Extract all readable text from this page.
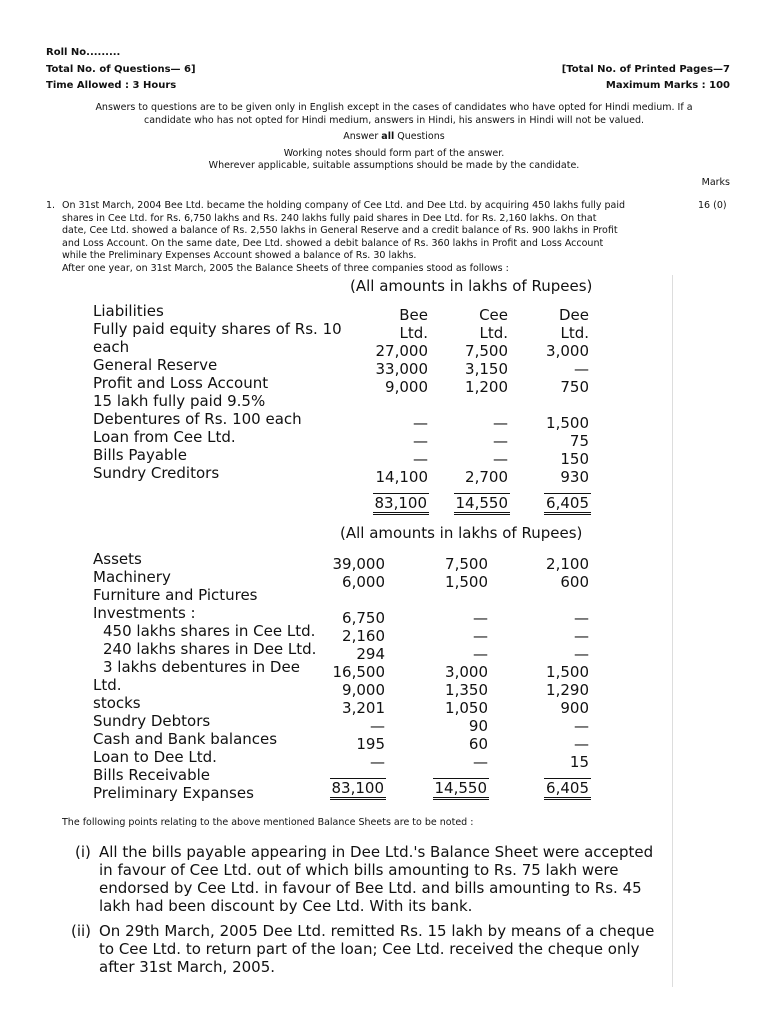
Roll No.........
Total No. of Questions— 6]
Time Allowed : 3 Hours
[Total No. of Printed Pages—7
Maximum Marks : 100
Answers to questions are to be given only in English except in the cases of candidates who have opted for Hindi medium. If a
candidate who has not opted for Hindi medium, answers in Hindi, his answers in Hindi will not be valued.
Answer all Questions
Working notes should form part of the answer.
Wherever applicable, suitable assumptions should be made by the candidate.
Marks
1.	16 (0)
On 31st March, 2004 Bee Ltd. became the holding company of Cee Ltd. and Dee Ltd. by acquiring 450 lakhs fully paid
shares in Cee Ltd. for Rs. 6,750 lakhs and Rs. 240 lakhs fully paid shares in Dee Ltd. for Rs. 2,160 lakhs. On that
date, Cee Ltd. showed a balance of Rs. 2,550 lakhs in General Reserve and a credit balance of Rs. 900 lakhs in Profit
and Loss Account. On the same date, Dee Ltd. showed a debit balance of Rs. 360 lakhs in Profit and Loss Account
while the Preliminary Expenses Account showed a balance of Rs. 30 lakhs.
After one year, on 31st March, 2005 the Balance Sheets of three companies stood as follows :
(All amounts in lakhs of Rupees)
Liabilities
Fully paid equity shares of Rs. 10
each
General Reserve
Profit and Loss Account
15 lakh fully paid 9.5%
Debentures of Rs. 100 each
Loan from Cee Ltd.
Bills Payable
Sundry Creditors
Bee
Ltd.
27,000
33,000
9,000
—
—
—
14,100
83,100
Cee
Ltd.
7,500
3,150
1,200
—
—
—
2,700
14,550
Dee
Ltd.
3,000
—
750
1,500
75
150
930
6,405
(All amounts in lakhs of Rupees)
Assets
Machinery
Furniture and Pictures
Investments :
450 lakhs shares in Cee Ltd.
240 lakhs shares in Dee Ltd.
3 lakhs debentures in Dee
Ltd.
stocks
Sundry Debtors
Cash and Bank balances
Loan to Dee Ltd.
Bills Receivable
Preliminary Expanses
39,000
6,000
6,750
2,160
294
16,500
9,000
3,201
—
195
—
83,100
7,500
1,500
—
—
—
3,000
1,350
1,050
90
60
—
14,550
2,100
600
—
—
—
1,500
1,290
900
—
—
15
6,405
The following points relating to the above mentioned Balance Sheets are to be noted :
(i) All the bills payable appearing in Dee Ltd.'s Balance Sheet were accepted in favour of Cee Ltd. out of which bills amounting to Rs. 75 lakh were endorsed by Cee Ltd. in favour of Bee Ltd. and bills amounting to Rs. 45 lakh had been discount by Cee Ltd. With its bank.
(ii) On 29th March, 2005 Dee Ltd. remitted Rs. 15 lakh by means of a cheque to Cee Ltd. to return part of the loan; Cee Ltd. received the cheque only after 31st March, 2005.
